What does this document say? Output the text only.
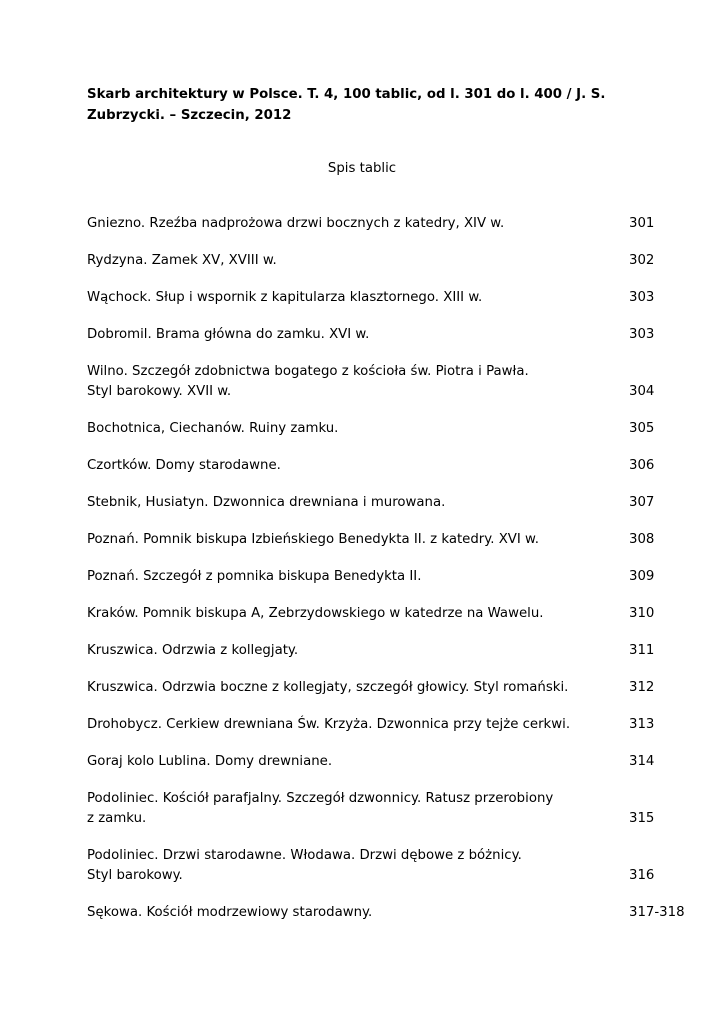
Skarb architektury w Polsce. T. 4, 100 tablic, od l. 301 do l. 400 / J. S. Zubrzycki. – Szczecin, 2012
Spis tablic
Gniezno. Rzeźba nadprożowa drzwi bocznych z katedry, XIV w.	301
Rydzyna. Zamek XV, XVIII w.	302
Wąchock. Słup i wspornik z kapitularza klasztornego. XIII w.	303
Dobromil. Brama główna do zamku. XVI w.	303
Wilno. Szczegół zdobnictwa bogatego z kościoła św. Piotra i Pawła.
Styl barokowy. XVII w.	304
Bochotnica, Ciechanów. Ruiny zamku.	305
Czortków. Domy starodawne.	306
Stebnik, Husiatyn. Dzwonnica drewniana i murowana.	307
Poznań. Pomnik biskupa Izbieńskiego Benedykta II. z katedry. XVI w.	308
Poznań. Szczegół z pomnika biskupa Benedykta II.	309
Kraków. Pomnik biskupa A, Zebrzydowskiego w katedrze na Wawelu.	310
Kruszwica. Odrzwia z kollegjaty.	311
Kruszwica. Odrzwia boczne z kollegjaty, szczegół głowicy. Styl romański.	312
Drohobycz. Cerkiew drewniana Św. Krzyża. Dzwonnica przy tejże cerkwi.	313
Goraj kolo Lublina. Domy drewniane.	314
Podoliniec. Kościół parafjalny. Szczegół dzwonnicy. Ratusz przerobiony
z zamku.	315
Podoliniec. Drzwi starodawne. Włodawa. Drzwi dębowe z bóżnicy.
Styl barokowy.	316
Sękowa. Kościół modrzewiowy starodawny.	317-318
